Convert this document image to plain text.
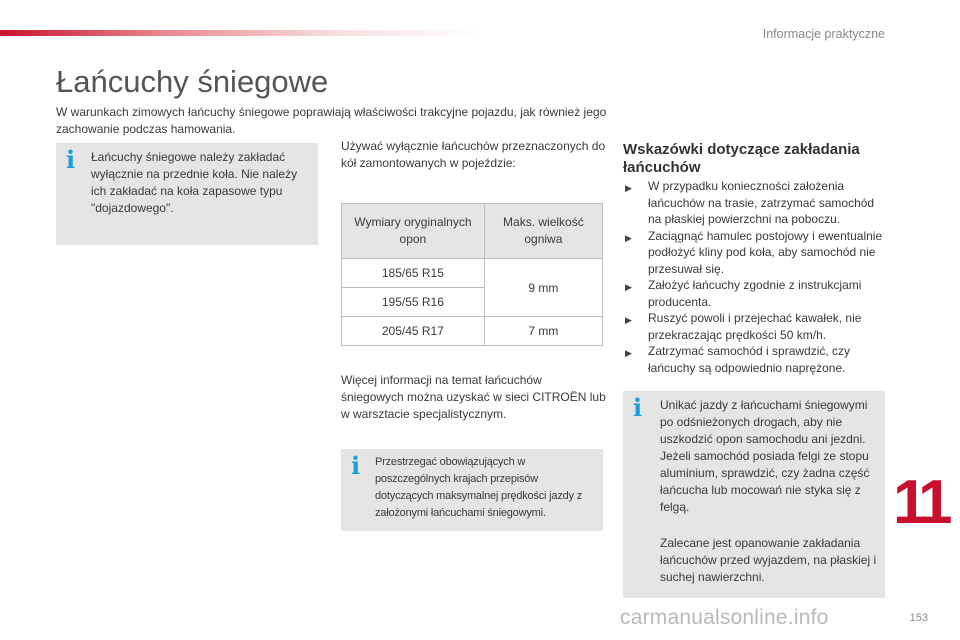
Informacje praktyczne
Łańcuchy śniegowe
W warunkach zimowych łańcuchy śniegowe poprawiają właściwości trakcyjne pojazdu, jak również jego zachowanie podczas hamowania.
i Łańcuchy śniegowe należy zakładać wyłącznie na przednie koła. Nie należy ich zakładać na koła zapasowe typu "dojazdowego".
Używać wyłącznie łańcuchów przeznaczonych do kół zamontowanych w pojeździe:
Wymiary oryginalnych opon	Maks. wielkość ogniwa
185/65 R15	9 mm
195/55 R16	
205/45 R17	7 mm
Więcej informacji na temat łańcuchów śniegowych można uzyskać w sieci CITROËN lub w warsztacie specjalistycznym.
i Przestrzegać obowiązujących w poszczególnych krajach przepisów dotyczących maksymalnej prędkości jazdy z założonymi łańcuchami śniegowymi.
Wskazówki dotyczące zakładania łańcuchów
▶ W przypadku konieczności założenia łańcuchów na trasie, zatrzymać samochód na płaskiej powierzchni na poboczu.
▶ Zaciągnąć hamulec postojowy i ewentualnie podłożyć kliny pod koła, aby samochód nie przesuwał się.
▶ Założyć łańcuchy zgodnie z instrukcjami producenta.
▶ Ruszyć powoli i przejechać kawałek, nie przekraczając prędkości 50 km/h.
▶ Zatrzymać samochód i sprawdzić, czy łańcuchy są odpowiednio naprężone.
i Unikać jazdy z łańcuchami śniegowymi po odśnieżonych drogach, aby nie uszkodzić opon samochodu ani jezdni. Jeżeli samochód posiada felgi ze stopu aluminium, sprawdzić, czy żadna część łańcucha lub mocowań nie styka się z felgą.
Zalecane jest opanowanie zakładania łańcuchów przed wyjazdem, na płaskiej i suchej nawierzchni.
11
carmanualsonline.info	153
